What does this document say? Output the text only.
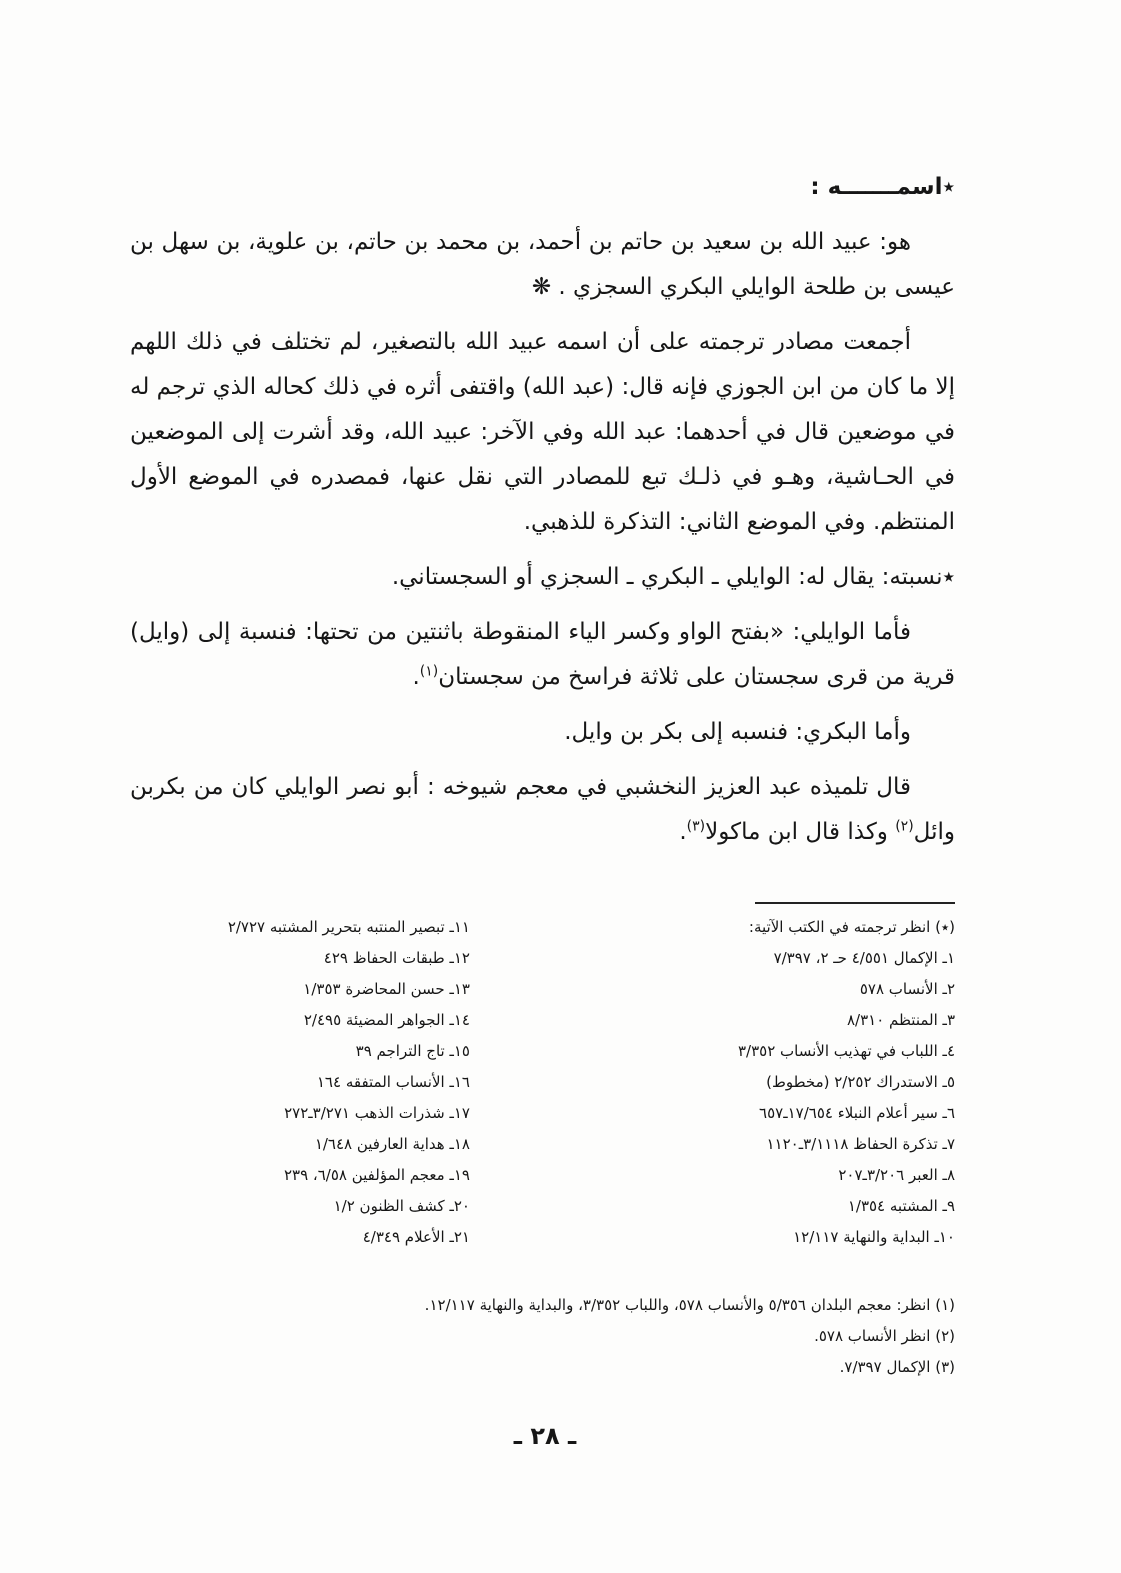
٭اسمـــــــه :

هو: عبيد الله بن سعيد بن حاتم بن أحمد، بن محمد بن حاتم، بن علوية، بن سهل بن عيسى بن طلحة الوايلي البكري السجزي . ❋

أجمعت مصادر ترجمته على أن اسمه عبيد الله بالتصغير، لم تختلف في ذلك اللهم إلا ما كان من ابن الجوزي فإنه قال: (عبد الله) واقتفى أثره في ذلك كحاله الذي ترجم له في موضعين قال في أحدهما: عبد الله وفي الآخر: عبيد الله، وقد أشرت إلى الموضعين في الحـاشية، وهـو في ذلـك تبع للمصادر التي نقل عنها، فمصدره في الموضع الأول المنتظم. وفي الموضع الثاني: التذكرة للذهبي.

٭نسبته: يقال له: الوايلي ـ البكري ـ السجزي أو السجستاني.

فأما الوايلي: «بفتح الواو وكسر الياء المنقوطة باثنتين من تحتها: فنسبة إلى (وايل) قرية من قرى سجستان على ثلاثة فراسخ من سجستان$^{(١)}$.

وأما البكري: فنسبه إلى بكر بن وايل.

قال تلميذه عبد العزيز النخشبي في معجم شيوخه : أبو نصر الوايلي كان من بكربن وائل$^{(٢)}$ وكذا قال ابن ماكولا$^{(٣)}$.

(٭) انظر ترجمته في الكتب الآتية:
١ـ الإكمال ٤/٥٥١ حـ ٢، ٧/٣٩٧
٢ـ الأنساب ٥٧٨
٣ـ المنتظم ٨/٣١٠
٤ـ اللباب في تهذيب الأنساب ٣/٣٥٢
٥ـ الاستدراك ٢/٢٥٢ (مخطوط)
٦ـ سير أعلام النبلاء ١٧/٦٥٤ـ٦٥٧
٧ـ تذكرة الحفاظ ٣/١١١٨ـ١١٢٠
٨ـ العبر ٣/٢٠٦ـ٢٠٧
٩ـ المشتبه ١/٣٥٤
١٠ـ البداية والنهاية ١٢/١١٧
١١ـ تبصير المنتبه بتحرير المشتبه ٢/٧٢٧
١٢ـ طبقات الحفاظ ٤٢٩
١٣ـ حسن المحاضرة ١/٣٥٣
١٤ـ الجواهر المضيئة ٢/٤٩٥
١٥ـ تاج التراجم ٣٩
١٦ـ الأنساب المتفقه ١٦٤
١٧ـ شذرات الذهب ٣/٢٧١ـ٢٧٢
١٨ـ هداية العارفين ١/٦٤٨
١٩ـ معجم المؤلفين ٦/٥٨، ٢٣٩
٢٠ـ كشف الظنون ١/٢
٢١ـ الأعلام ٤/٣٤٩
(١) انظر: معجم البلدان ٥/٣٥٦ والأنساب ٥٧٨، واللباب ٣/٣٥٢، والبداية والنهاية ١٢/١١٧.
(٢) انظر الأنساب ٥٧٨.
(٣) الإكمال ٧/٣٩٧.
ـ ٢٨ ـ
